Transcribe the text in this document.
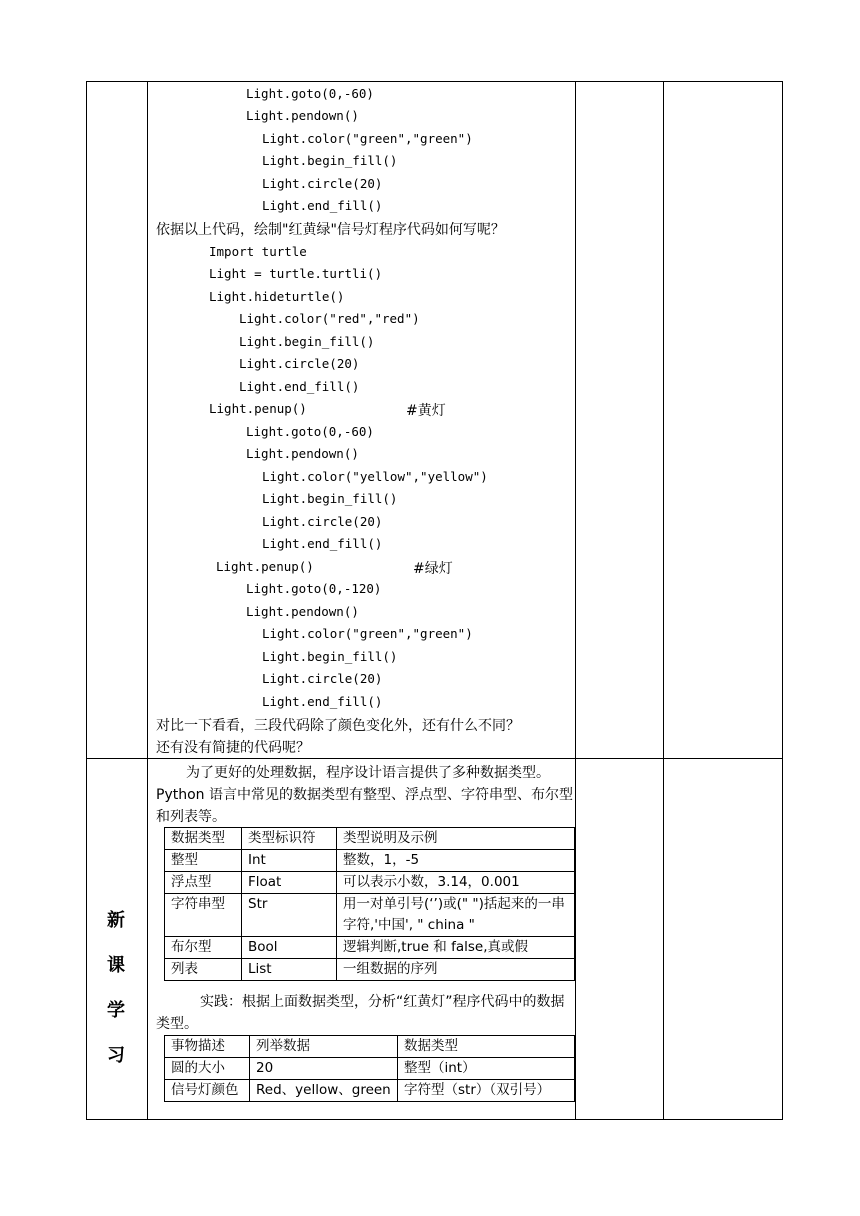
Light.goto(0,-60)
Light.pendown()
Light.color("green","green")
Light.begin_fill()
Light.circle(20)
Light.end_fill()
依据以上代码，绘制"红黄绿"信号灯程序代码如何写呢？
Import turtle
Light = turtle.turtli()
Light.hideturtle()
Light.color("red","red")
Light.begin_fill()
Light.circle(20)
Light.end_fill()
Light.penup()	#黄灯
Light.goto(0,-60)
Light.pendown()
Light.color("yellow","yellow")
Light.begin_fill()
Light.circle(20)
Light.end_fill()
Light.penup()	#绿灯
Light.goto(0,-120)
Light.pendown()
Light.color("green","green")
Light.begin_fill()
Light.circle(20)
Light.end_fill()
对比一下看看，三段代码除了颜色变化外，还有什么不同？
还有没有简捷的代码呢？
新
课
学
习
为了更好的处理数据，程序设计语言提供了多种数据类型。Python 语言中常见的数据类型有整型、浮点型、字符串型、布尔型和列表等。
数据类型	类型标识符	类型说明及示例
整型	Int	整数，1，-5
浮点型	Float	可以表示小数，3.14，0.001
字符串型	Str	用一对单引号(‘’)或(" ")括起来的一串字符,'中国', " china "
布尔型	Bool	逻辑判断,true 和 false,真或假
列表	List	一组数据的序列
实践：根据上面数据类型，分析“红黄灯”程序代码中的数据类型。
事物描述	列举数据	数据类型
圆的大小	20	整型（int）
信号灯颜色	Red、yellow、green	字符型（str）（双引号）
